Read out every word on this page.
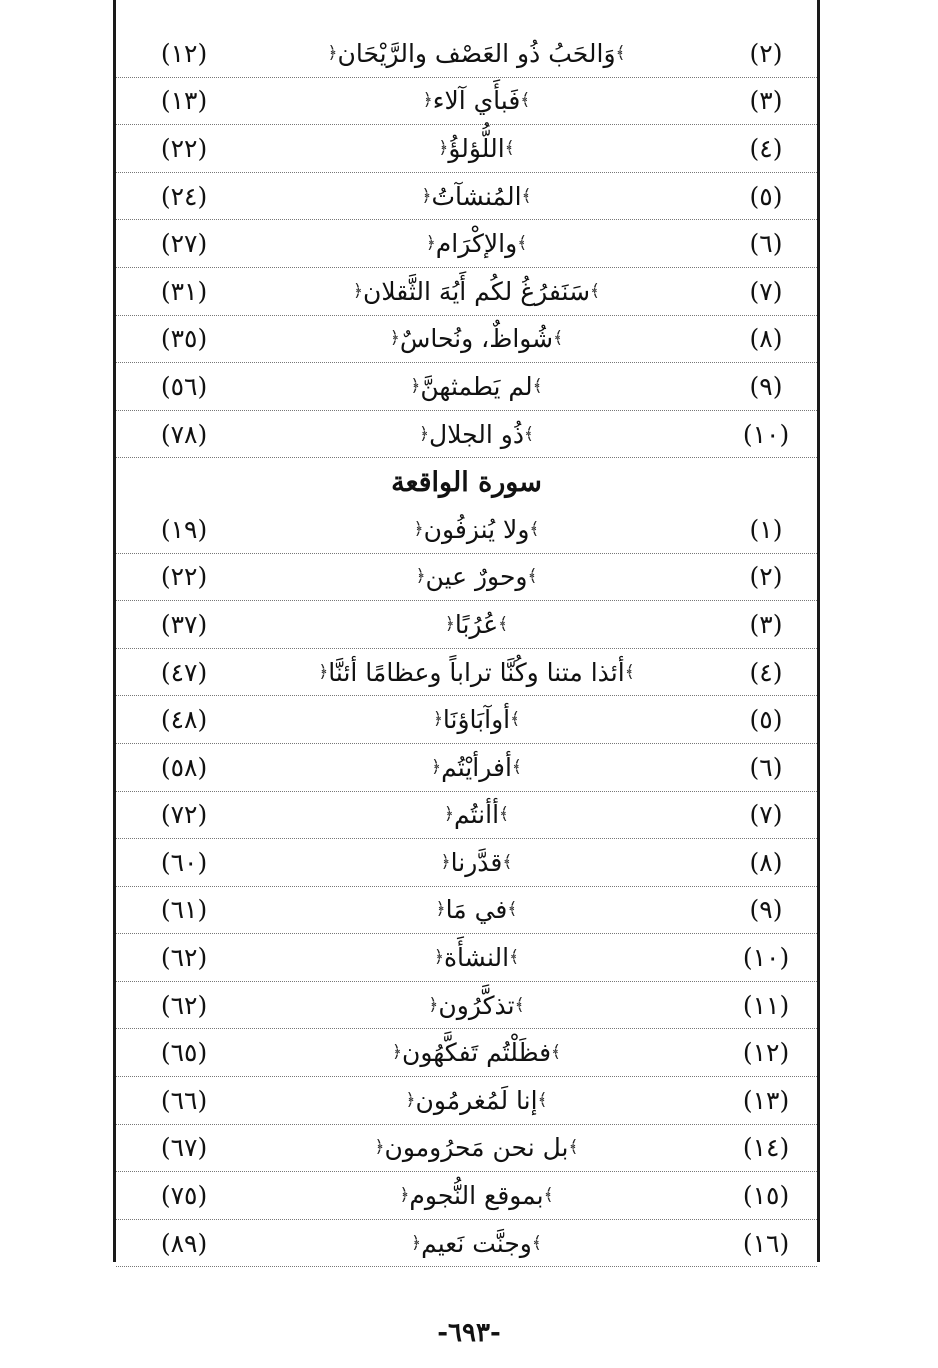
(٢)
﴾
وَالحَبُ ذُو العَصْف والرَّيْحَان
﴿
(١٢)
(٣)
﴾
فَبأَي آلاء
﴿
(١٣)
(٤)
﴾
اللُّؤلؤُ
﴿
(٢٢)
(٥)
﴾
المُنشآتُ
﴿
(٢٤)
(٦)
﴾
والإكْرَام
﴿
(٢٧)
(٧)
﴾
سَنَفرُغُ لكُم أَيُهَ الثَّقلان
﴿
(٣١)
(٨)
﴾
شُواظٌ، ونُحاسٌ
﴿
(٣٥)
(٩)
﴾
لم يَطمثهنَّ
﴿
(٥٦)
(١٠)
﴾
ذُو الجلال
﴿
(٧٨)
سورة الواقعة
(١)
﴾
ولا يُنزفُون
﴿
(١٩)
(٢)
﴾
وحورٌ عين
﴿
(٢٢)
(٣)
﴾
عُرُبًا
﴿
(٣٧)
(٤)
﴾
أئذا متنا وكُنَّا تراباً وعظامًا أئنَّا
﴿
(٤٧)
(٥)
﴾
أوآبَاؤنَا
﴿
(٤٨)
(٦)
﴾
أفرأيْتُم
﴿
(٥٨)
(٧)
﴾
أأنتُم
﴿
(٧٢)
(٨)
﴾
قدَّرنا
﴿
(٦٠)
(٩)
﴾
في مَا
﴿
(٦١)
(١٠)
﴾
النشأَة
﴿
(٦٢)
(١١)
﴾
تذكَّرُون
﴿
(٦٢)
(١٢)
﴾
فظَلْتُم تَفكَّهُون
﴿
(٦٥)
(١٣)
﴾
إنا لَمُغرمُون
﴿
(٦٦)
(١٤)
﴾
بل نحن مَحرُومون
﴿
(٦٧)
(١٥)
﴾
بموقع النُّجوم
﴿
(٧٥)
(١٦)
﴾
وجنَّت نَعيم
﴿
(٨٩)
-٦٩٣-
